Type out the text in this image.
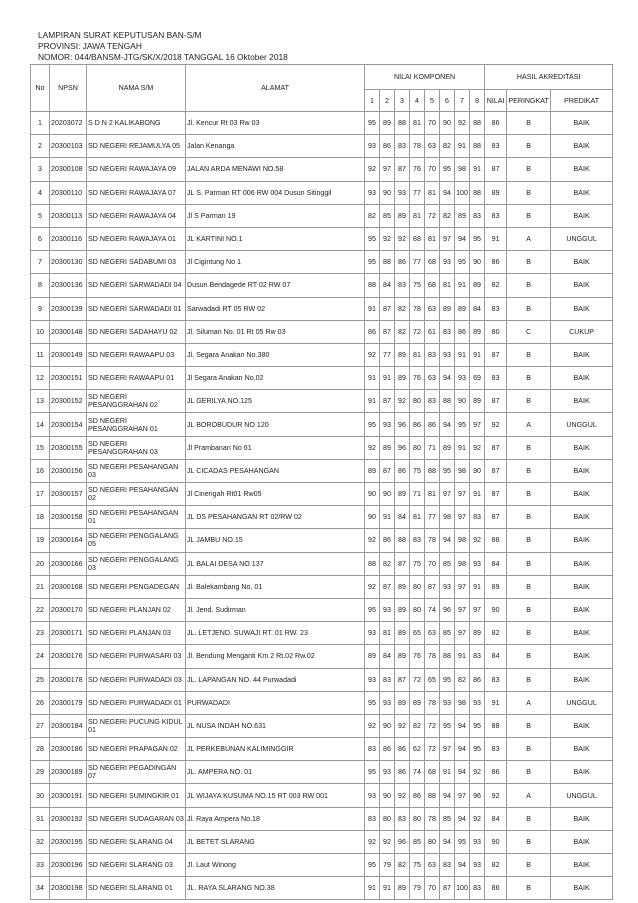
LAMPIRAN SURAT KEPUTUSAN BAN-S/M
PROVINSI: JAWA TENGAH
NOMOR: 044/BANSM-JTG/SK/X/2018 TANGGAL 16 Oktober 2018
No	NPSN	NAMA S/M	ALAMAT	NILAI KOMPONEN								HASIL AKREDITASI		
				1	2	3	4	5	6	7	8	NILAI	PERINGKAT	PREDIKAT
1	20203072	S D N 2 KALIKABONG	Jl. Kencur Rt 03 Rw 03	95	89	88	81	70	90	92	88	86	B	BAIK
2	20300103	SD NEGERI REJAMULYA 05	Jalan Kenanga	93	86	83	78	63	82	91	88	83	B	BAIK
3	20300108	SD NEGERI RAWAJAYA 09	JALAN ARDA MENAWI NO.58	92	97	87	76	70	95	98	91	87	B	BAIK
4	20300110	SD NEGERI RAWAJAYA 07	JL S. Parman RT 006 RW 004 Dusun Sitinggil	93	90	93	77	81	94	100	88	89	B	BAIK
5	20300113	SD NEGERI RAWAJAYA 04	Jl S Parman 19	82	85	89	81	72	82	89	83	83	B	BAIK
6	20300116	SD NEGERI RAWAJAYA 01	JL KARTINI NO.1	95	92	92	88	81	97	94	95	91	A	UNGGUL
7	20300130	SD NEGERI SADABUMI 03	Jl Cigintung No 1	95	88	86	77	68	93	95	90	86	B	BAIK
8	20300136	SD NEGERI SARWADADI 04	Dusun Bendagede RT 02 RW 07	88	84	83	75	68	81	91	89	82	B	BAIK
9	20300139	SD NEGERI SARWADADI 01	Sarwadadi RT 05 RW 02	91	87	82	78	63	89	89	84	83	B	BAIK
10	20300148	SD NEGERI SADAHAYU 02	Jl. Siluman No. 01 Rt 05 Rw 03	86	87	82	72	61	83	86	89	80	C	CUKUP
11	20300149	SD NEGERI RAWAAPU 03	Jl. Segara Anakan No.380	92	77	89	81	83	93	91	91	87	B	BAIK
12	20300151	SD NEGERI RAWAAPU 01	Jl Segara Anakan No.02	91	91	89	76	63	94	93	69	83	B	BAIK
13	20300152	SD NEGERI PESANGGRAHAN 02	JL GERILYA NO.125	91	87	92	80	83	88	90	89	87	B	BAIK
14	20300154	SD NEGERI PESANGGRAHAN 01	JL BOROBUDUR NO 120	95	93	96	86	86	94	95	97	92	A	UNGGUL
15	20300155	SD NEGERI PESANGGRAHAN 03	Jl Prambanan No 61	92	89	96	80	71	89	91	92	87	B	BAIK
16	20300156	SD NEGERI PESAHANGAN 03	JL CICADAS PESAHANGAN	89	87	86	75	88	95	98	90	87	B	BAIK
17	20300157	SD NEGERI PESAHANGAN 02	Jl Cinengah Rt01 Rw05	90	90	89	71	81	97	97	91	87	B	BAIK
18	20300158	SD NEGERI PESAHANGAN 01	JL DS PESAHANGAN RT 02/RW 02	90	91	84	81	77	98	97	83	87	B	BAIK
19	20300164	SD NEGERI PENGGALANG 05	JL JAMBU NO.15	92	86	88	83	78	94	98	92	88	B	BAIK
20	20300166	SD NEGERI PENGGALANG 03	JL BALAI DESA NO.137	88	82	87	75	70	85	98	93	84	B	BAIK
21	20300168	SD NEGERI PENGADEGAN	Jl. Balekambang No. 01	92	87	89	80	87	93	97	91	89	B	BAIK
22	20300170	SD NEGERI PLANJAN 02	Jl. Jend. Sudirman	95	93	89	80	74	96	97	97	90	B	BAIK
23	20300171	SD NEGERI PLANJAN 03	JL. LETJEND. SUWAJI RT. 01 RW. 23	93	81	89	65	63	85	97	89	82	B	BAIK
24	20300176	SD NEGERI PURWASARI 03	Jl. Bendung Menganti Km 2 Rt.02 Rw.02	89	84	89	76	78	88	91	83	84	B	BAIK
25	20300178	SD NEGERI PURWADADI 03	JL. LAPANGAN NO. 44 Purwadadi	93	83	87	72	65	95	82	86	83	B	BAIK
26	20300179	SD NEGERI PURWADADI 01	PURWADADI	95	93	89	89	78	93	98	93	91	A	UNGGUL
27	20300184	SD NEGERI PUCUNG KIDUL 01	JL NUSA INDAH NO.631	92	90	92	82	72	95	94	95	88	B	BAIK
28	20300186	SD NEGERI PRAPAGAN 02	JL PERKEBUNAN KALIMINGGIR	83	86	86	62	72	97	94	95	83	B	BAIK
29	20300189	SD NEGERI PEGADINGAN 07	JL. AMPERA NO. 01	95	93	86	74	68	91	94	92	86	B	BAIK
30	20300191	SD NEGERI SUMINGKIR 01	JL WIJAYA KUSUMA NO.15 RT 003 RW 001	93	90	92	86	88	94	97	96	92	A	UNGGUL
31	20300192	SD NEGERI SUDAGARAN 03	Jl. Raya Ampera No.18	83	80	83	80	78	85	94	92	84	B	BAIK
32	20300195	SD NEGERI SLARANG 04	JL BETET SLARANG	92	92	96	85	80	94	95	93	90	B	BAIK
33	20300196	SD NEGERI SLARANG 03	Jl. Laut Winong	95	79	82	75	63	83	94	93	82	B	BAIK
34	20300198	SD NEGERI SLARANG 01	JL. RAYA SLARANG NO.38	91	91	89	79	70	87	100	83	86	B	BAIK
